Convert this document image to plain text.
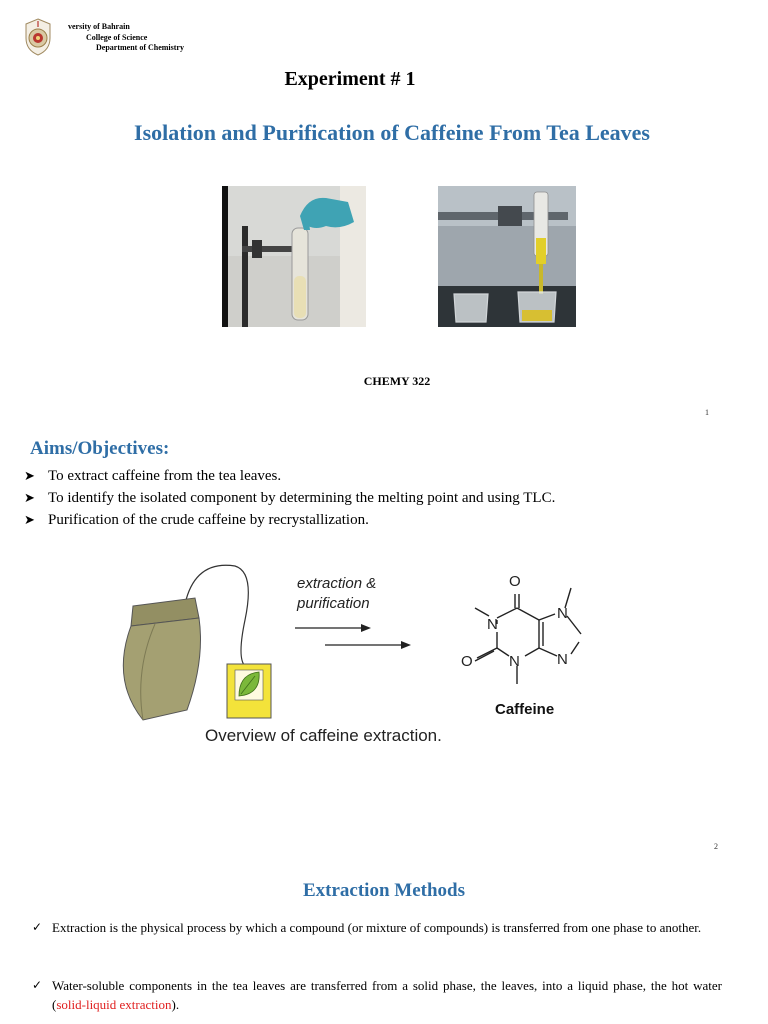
versity of Bahrain
College of Science
Department of Chemistry
Experiment # 1
Isolation and Purification of Caffeine From Tea Leaves
CHEMY 322
1
Aims/Objectives:
➤ To extract caffeine from the tea leaves.
➤ To identify the isolated component by determining the melting point and using TLC.
➤ Purification of the crude caffeine by recrystallization.
extraction &
purification
O
N
O N
N
N
Caffeine
Overview of caffeine extraction.
2
Extraction Methods
✓ Extraction is the physical process by which a compound (or mixture of compounds) is transferred from one phase to another.
✓ Water-soluble components in the tea leaves are transferred from a solid phase, the leaves, into a liquid phase, the hot water (solid-liquid extraction).
